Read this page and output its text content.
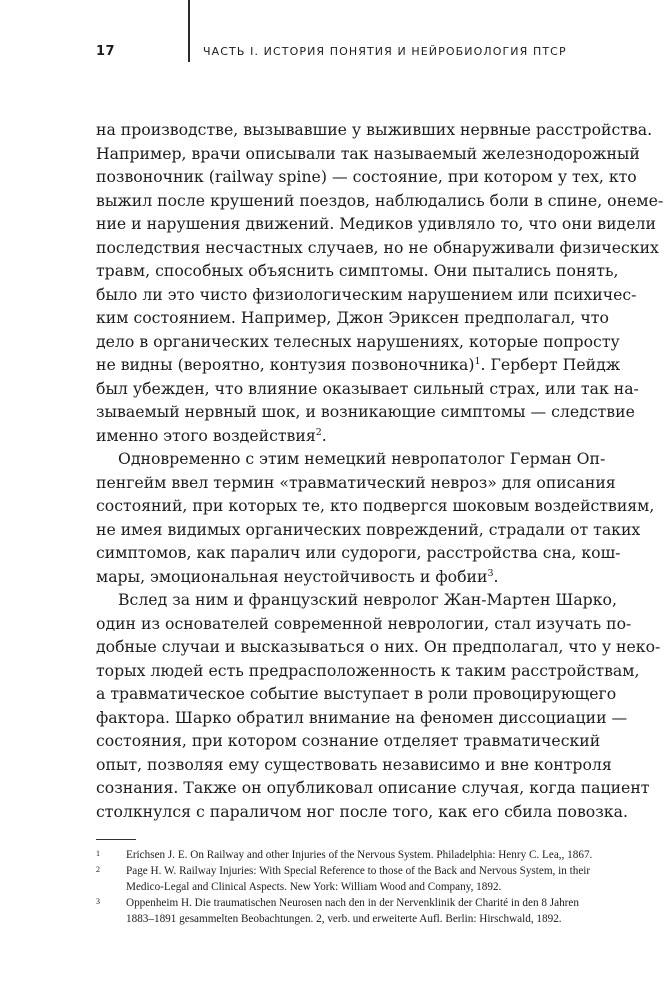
17	ЧАСТЬ I. ИСТОРИЯ ПОНЯТИЯ И НЕЙРОБИОЛОГИЯ ПТСР
на производстве, вызывавшие у выживших нервные расстройства.
Например, врачи описывали так называемый железнодорожный
позвоночник (railway spine) — состояние, при котором у тех, кто
выжил после крушений поездов, наблюдались боли в спине, онеме-
ние и нарушения движений. Медиков удивляло то, что они видели
последствия несчастных случаев, но не обнаруживали физических
травм, способных объяснить симптомы. Они пытались понять,
было ли это чисто физиологическим нарушением или психичес-
ким состоянием. Например, Джон Эриксен предполагал, что
дело в органических телесных нарушениях, которые попросту
не видны (вероятно, контузия позвоночника)$^1$. Герберт Пейдж
был убежден, что влияние оказывает сильный страх, или так на-
зываемый нервный шок, и возникающие симптомы — следствие
именно этого воздействия$^2$.
Одновременно с этим немецкий невропатолог Герман Оп-
пенгейм ввел термин «травматический невроз» для описания
состояний, при которых те, кто подвергся шоковым воздействиям,
не имея видимых органических повреждений, страдали от таких
симптомов, как паралич или судороги, расстройства сна, кош-
мары, эмоциональная неустойчивость и фобии$^3$.
Вслед за ним и французский невролог Жан-Мартен Шарко,
один из основателей современной неврологии, стал изучать по-
добные случаи и высказываться о них. Он предполагал, что у неко-
торых людей есть предрасположенность к таким расстройствам,
а травматическое событие выступает в роли провоцирующего
фактора. Шарко обратил внимание на феномен диссоциации —
состояния, при котором сознание отделяет травматический
опыт, позволяя ему существовать независимо и вне контроля
сознания. Также он опубликовал описание случая, когда пациент
столкнулся с параличом ног после того, как его сбила повозка.
1 Erichsen J. E. On Railway and other Injuries of the Nervous System. Philadelphia: Henry C. Lea,, 1867.
2 Page H. W. Railway Injuries: With Special Reference to those of the Back and Nervous System, in their
Medico-Legal and Clinical Aspects. New York: William Wood and Company, 1892.
3 Oppenheim H. Die traumatischen Neurosen nach den in der Nervenklinik der Charité in den 8 Jahren
1883–1891 gesammelten Beobachtungen. 2, verb. und erweiterte Aufl. Berlin: Hirschwald, 1892.
